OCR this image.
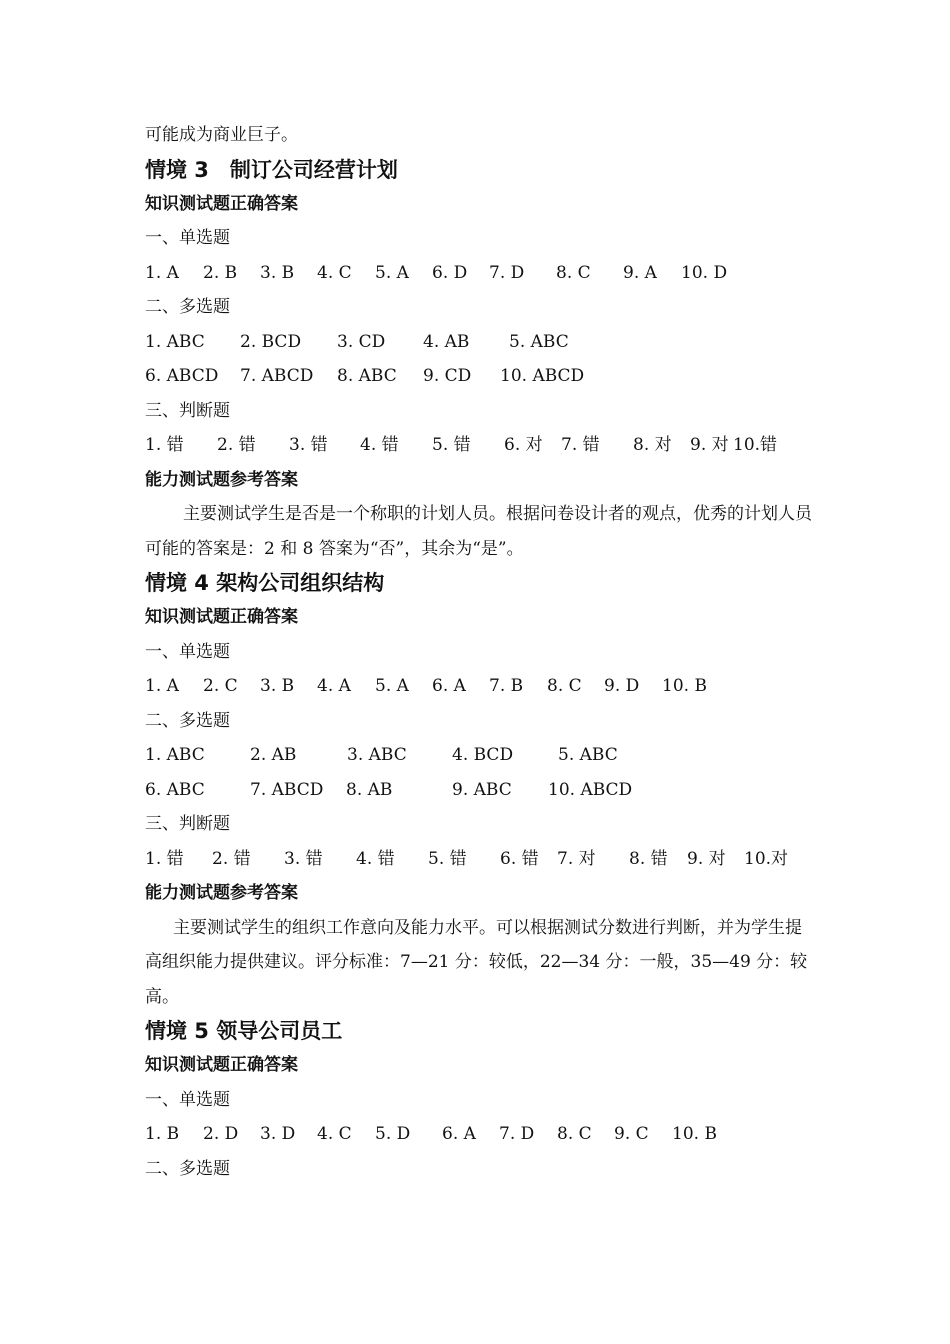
可能成为商业巨子。
情境 3　制订公司经营计划
知识测试题正确答案
一、单选题
1. A	2. B	3. B	4. C	5. A	6. D	7. D	8. C	9. A	10. D
二、多选题
1. ABC	2. BCD	3. CD	4. AB	5. ABC
6. ABCD	7. ABCD	8. ABC	9. CD	10. ABCD
三、判断题
1. 错	2. 错	3. 错	4. 错	5. 错	6. 对	7. 错	8. 对	9. 对 10.错
能力测试题参考答案
主要测试学生是否是一个称职的计划人员。根据问卷设计者的观点，优秀的计划人员可能的答案是：2 和 8 答案为“否”，其余为“是”。
情境 4 架构公司组织结构
知识测试题正确答案
一、单选题
1. A	2. C	3. B	4. A	5. A	6. A	7. B	8. C	9. D	10. B
二、多选题
1. ABC	2. AB	3. ABC	4. BCD	5. ABC
6. ABC	7. ABCD	8. AB	9. ABC	10. ABCD
三、判断题
1. 错	2. 错	3. 错	4. 错	5. 错	6. 错	7. 对	8. 错	9. 对	10.对
能力测试题参考答案
主要测试学生的组织工作意向及能力水平。可以根据测试分数进行判断，并为学生提高组织能力提供建议。评分标准：7—21 分：较低，22—34 分：一般，35—49 分：较高。
情境 5 领导公司员工
知识测试题正确答案
一、单选题
1. B	2. D	3. D	4. C	5. D	6. A	7. D	8. C	9. C	10. B
二、多选题
